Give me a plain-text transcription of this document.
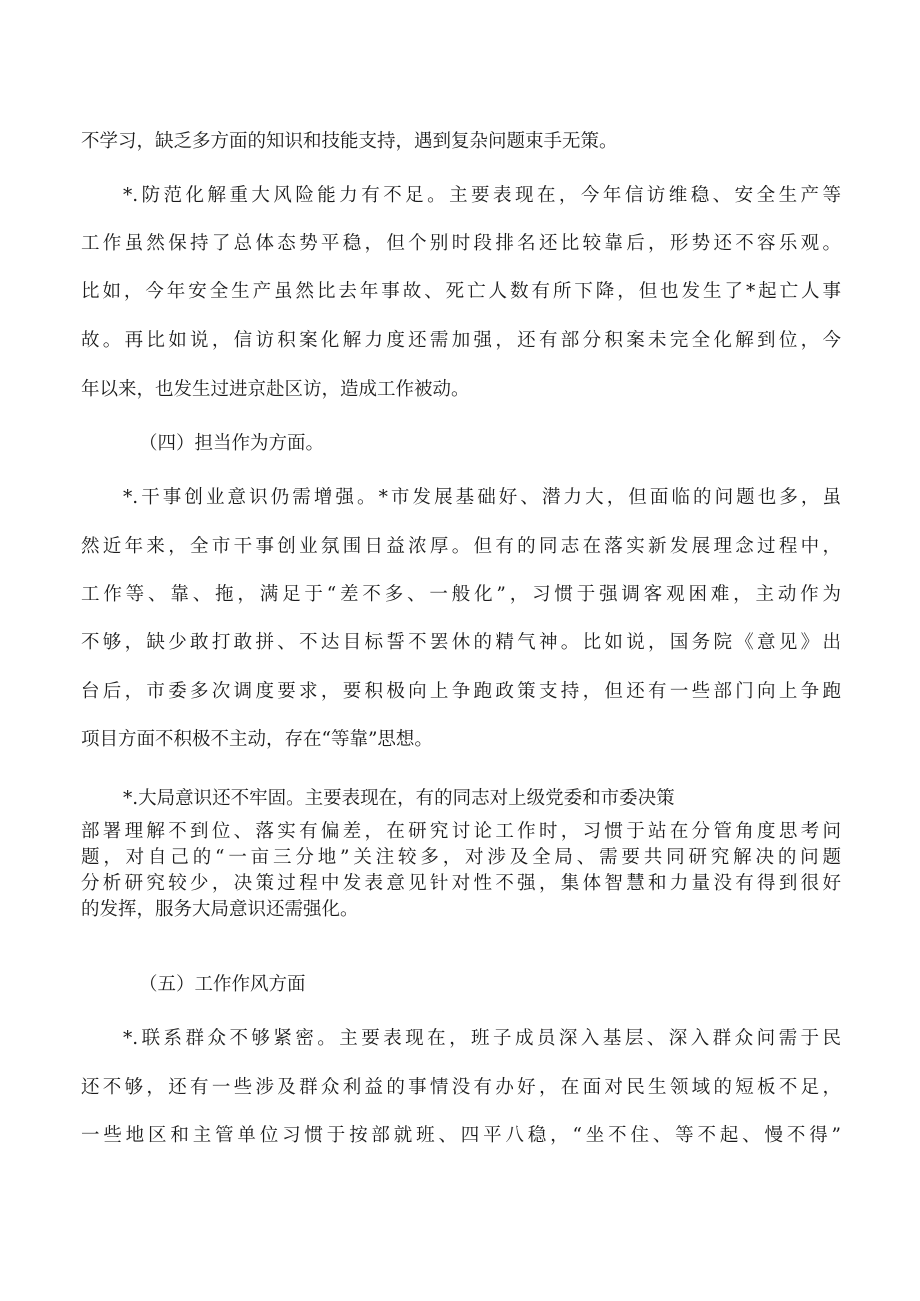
不学习，缺乏多方面的知识和技能支持，遇到复杂问题束手无策。
*.防范化解重大风险能力有不足。主要表现在，今年信访维稳、安全生产等
工作虽然保持了总体态势平稳，但个别时段排名还比较靠后，形势还不容乐观。
比如，今年安全生产虽然比去年事故、死亡人数有所下降，但也发生了*起亡人事
故。再比如说，信访积案化解力度还需加强，还有部分积案未完全化解到位，今
年以来，也发生过进京赴区访，造成工作被动。
（四）担当作为方面。
*.干事创业意识仍需增强。*市发展基础好、潜力大，但面临的问题也多，虽
然近年来，全市干事创业氛围日益浓厚。但有的同志在落实新发展理念过程中，
工作等、靠、拖，满足于“差不多、一般化”，习惯于强调客观困难，主动作为
不够，缺少敢打敢拼、不达目标誓不罢休的精气神。比如说，国务院《意见》出
台后，市委多次调度要求，要积极向上争跑政策支持，但还有一些部门向上争跑
项目方面不积极不主动，存在“等靠”思想。
*.大局意识还不牢固。主要表现在，有的同志对上级党委和市委决策
部署理解不到位、落实有偏差，在研究讨论工作时，习惯于站在分管角度思考问
题，对自己的“一亩三分地”关注较多，对涉及全局、需要共同研究解决的问题
分析研究较少，决策过程中发表意见针对性不强，集体智慧和力量没有得到很好
的发挥，服务大局意识还需强化。
（五）工作作风方面
*.联系群众不够紧密。主要表现在，班子成员深入基层、深入群众问需于民
还不够，还有一些涉及群众利益的事情没有办好，在面对民生领域的短板不足，
一些地区和主管单位习惯于按部就班、四平八稳，“坐不住、等不起、慢不得”
